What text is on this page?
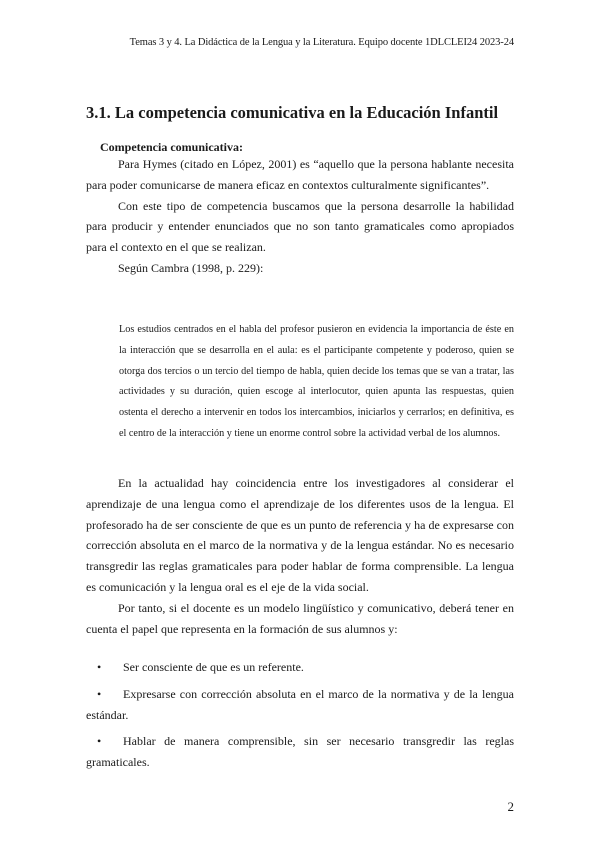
Temas 3 y 4. La Didáctica de la Lengua y la Literatura. Equipo docente 1DLCLEI24 2023-24
3.1. La competencia comunicativa en la Educación Infantil
Competencia comunicativa:

Para Hymes (citado en López, 2001) es “aquello que la persona hablante necesita para poder comunicarse de manera eficaz en contextos culturalmente significantes”.

Con este tipo de competencia buscamos que la persona desarrolle la habilidad para producir y entender enunciados que no son tanto gramaticales como apropiados para el contexto en el que se realizan.

Según Cambra (1998, p. 229):

Los estudios centrados en el habla del profesor pusieron en evidencia la importancia de éste en la interacción que se desarrolla en el aula: es el participante competente y poderoso, quien se otorga dos tercios o un tercio del tiempo de habla, quien decide los temas que se van a tratar, las actividades y su duración, quien escoge al interlocutor, quien apunta las respuestas, quien ostenta el derecho a intervenir en todos los intercambios, iniciarlos y cerrarlos; en definitiva, es el centro de la interacción y tiene un enorme control sobre la actividad verbal de los alumnos.

En la actualidad hay coincidencia entre los investigadores al considerar el aprendizaje de una lengua como el aprendizaje de los diferentes usos de la lengua. El profesorado ha de ser consciente de que es un punto de referencia y ha de expresarse con corrección absoluta en el marco de la normativa y de la lengua estándar. No es necesario transgredir las reglas gramaticales para poder hablar de forma comprensible. La lengua es comunicación y la lengua oral es el eje de la vida social.

Por tanto, si el docente es un modelo lingüístico y comunicativo, deberá tener en cuenta el papel que representa en la formación de sus alumnos y:

• Ser consciente de que es un referente.
• Expresarse con corrección absoluta en el marco de la normativa y de la lengua estándar.
• Hablar de manera comprensible, sin ser necesario transgredir las reglas gramaticales.
2
